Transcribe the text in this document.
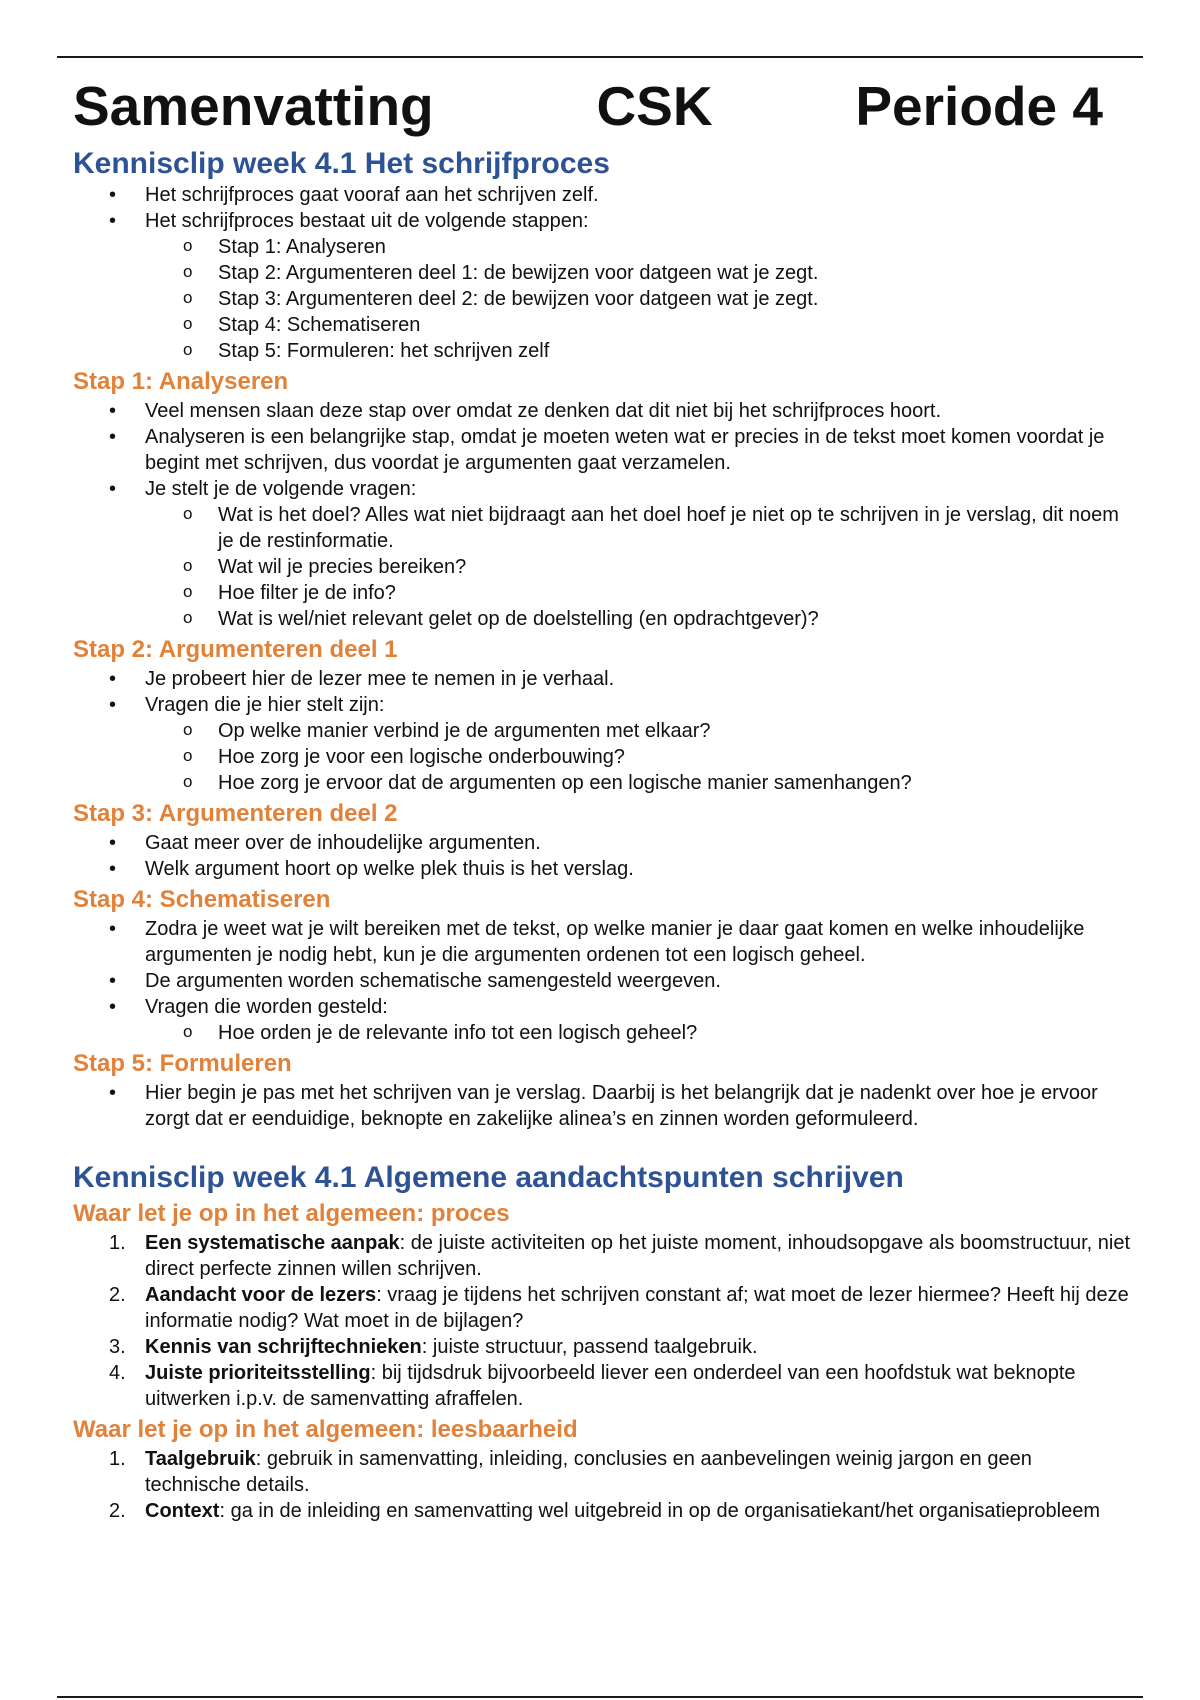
Samenvatting	CSK	Periode 4
Kennisclip week 4.1 Het schrijfproces
• Het schrijfproces gaat vooraf aan het schrijven zelf.
• Het schrijfproces bestaat uit de volgende stappen:
o Stap 1: Analyseren
o Stap 2: Argumenteren deel 1: de bewijzen voor datgeen wat je zegt.
o Stap 3: Argumenteren deel 2: de bewijzen voor datgeen wat je zegt.
o Stap 4: Schematiseren
o Stap 5: Formuleren: het schrijven zelf
Stap 1: Analyseren
• Veel mensen slaan deze stap over omdat ze denken dat dit niet bij het schrijfproces hoort.
• Analyseren is een belangrijke stap, omdat je moeten weten wat er precies in de tekst moet komen voordat je begint met schrijven, dus voordat je argumenten gaat verzamelen.
• Je stelt je de volgende vragen:
o Wat is het doel? Alles wat niet bijdraagt aan het doel hoef je niet op te schrijven in je verslag, dit noem je de restinformatie.
o Wat wil je precies bereiken?
o Hoe filter je de info?
o Wat is wel/niet relevant gelet op de doelstelling (en opdrachtgever)?
Stap 2: Argumenteren deel 1
• Je probeert hier de lezer mee te nemen in je verhaal.
• Vragen die je hier stelt zijn:
o Op welke manier verbind je de argumenten met elkaar?
o Hoe zorg je voor een logische onderbouwing?
o Hoe zorg je ervoor dat de argumenten op een logische manier samenhangen?
Stap 3: Argumenteren deel 2
• Gaat meer over de inhoudelijke argumenten.
• Welk argument hoort op welke plek thuis is het verslag.
Stap 4: Schematiseren
• Zodra je weet wat je wilt bereiken met de tekst, op welke manier je daar gaat komen en welke inhoudelijke argumenten je nodig hebt, kun je die argumenten ordenen tot een logisch geheel.
• De argumenten worden schematische samengesteld weergeven.
• Vragen die worden gesteld:
o Hoe orden je de relevante info tot een logisch geheel?
Stap 5: Formuleren
• Hier begin je pas met het schrijven van je verslag. Daarbij is het belangrijk dat je nadenkt over hoe je ervoor zorgt dat er eenduidige, beknopte en zakelijke alinea’s en zinnen worden geformuleerd.
Kennisclip week 4.1 Algemene aandachtspunten schrijven
Waar let je op in het algemeen: proces
1. Een systematische aanpak: de juiste activiteiten op het juiste moment, inhoudsopgave als boomstructuur, niet direct perfecte zinnen willen schrijven.
2. Aandacht voor de lezers: vraag je tijdens het schrijven constant af; wat moet de lezer hiermee? Heeft hij deze informatie nodig? Wat moet in de bijlagen?
3. Kennis van schrijftechnieken: juiste structuur, passend taalgebruik.
4. Juiste prioriteitsstelling: bij tijdsdruk bijvoorbeeld liever een onderdeel van een hoofdstuk wat beknopte uitwerken i.p.v. de samenvatting afraffelen.
Waar let je op in het algemeen: leesbaarheid
1. Taalgebruik: gebruik in samenvatting, inleiding, conclusies en aanbevelingen weinig jargon en geen technische details.
2. Context: ga in de inleiding en samenvatting wel uitgebreid in op de organisatiekant/het organisatieprobleem
